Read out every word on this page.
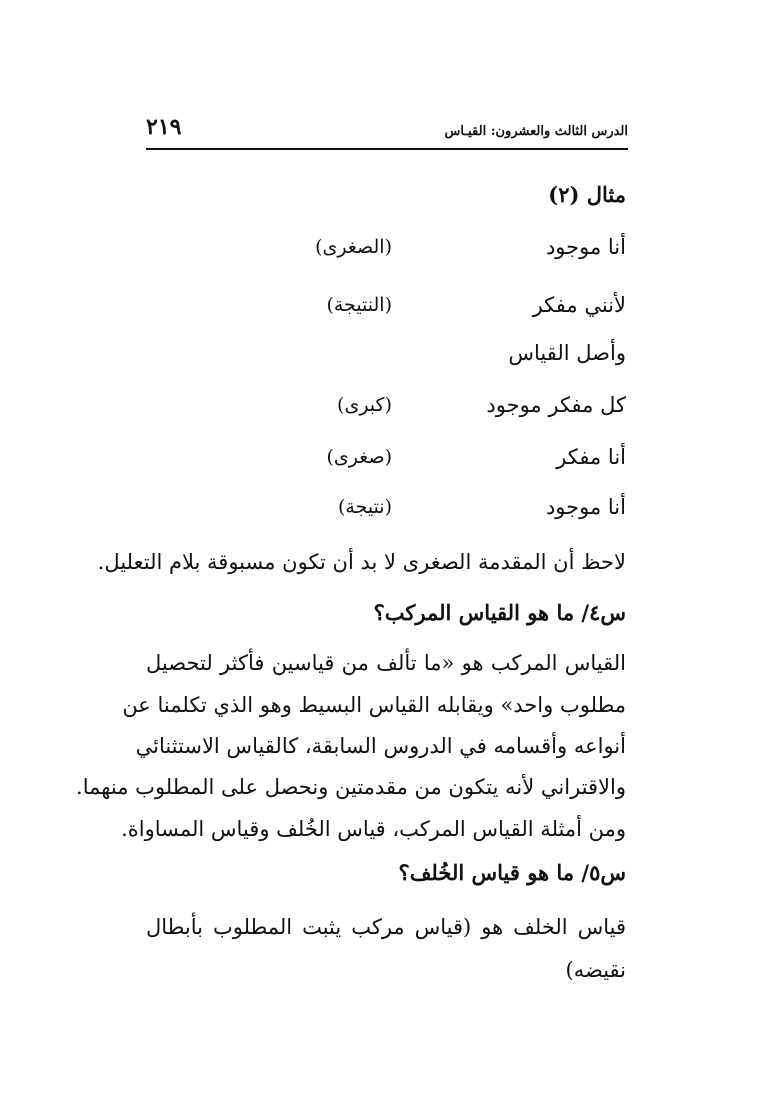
٢١٩	الدرس الثالث والعشرون: القيـاس
مثال (٢)
أنا موجود
(الصغرى)
لأنني مفكر
(النتيجة)
وأصل القياس
كل مفكر موجود
(كبرى)
أنا مفكر
(صغرى)
أنا موجود
(نتيجة)
لاحظ أن المقدمة الصغرى لا بد أن تكون مسبوقة بلام التعليل.
س٤/ ما هو القياس المركب؟
القياس المركب هو «ما تألف من قياسين فأكثر لتحصيل
مطلوب واحد» ويقابله القياس البسيط وهو الذي تكلمنا عن
أنواعه وأقسامه في الدروس السابقة، كالقياس الاستثنائي
والاقتراني لأنه يتكون من مقدمتين ونحصل على المطلوب منهما.
ومن أمثلة القياس المركب، قياس الخُلف وقياس المساواة.
س٥/ ما هو قياس الخُلف؟
قياس الخلف هو (قياس مركب يثبت المطلوب بأبطال
نقيضه)
